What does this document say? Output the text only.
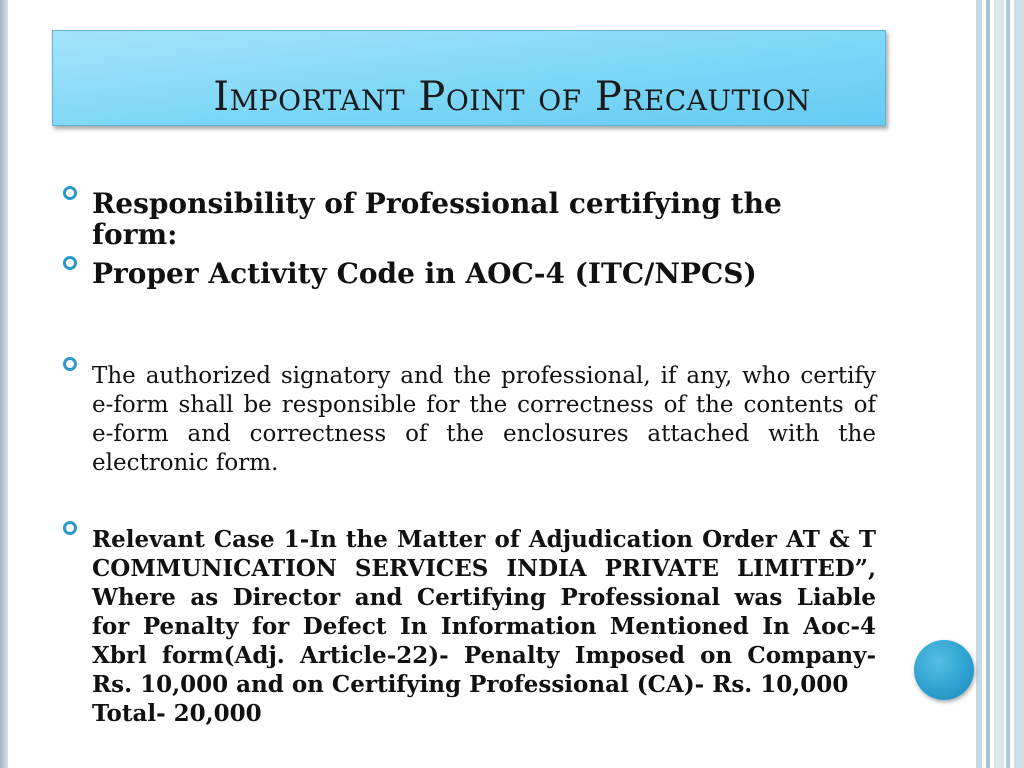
Important Point of Precaution
Responsibility of Professional certifying the form:
Proper Activity Code in AOC-4 (ITC/NPCS)
The authorized signatory and the professional, if any, who certify e-form shall be responsible for the correctness of the contents of e-form and correctness of the enclosures attached with the electronic form.
Relevant Case 1-In the Matter of Adjudication Order AT & T COMMUNICATION SERVICES INDIA PRIVATE LIMITED”, Where as Director and Certifying Professional was Liable for Penalty for Defect In Information Mentioned In Aoc-4 Xbrl form(Adj. Article-22)- Penalty Imposed on Company- Rs. 10,000 and on Certifying Professional (CA)- Rs. 10,000
Total- 20,000
